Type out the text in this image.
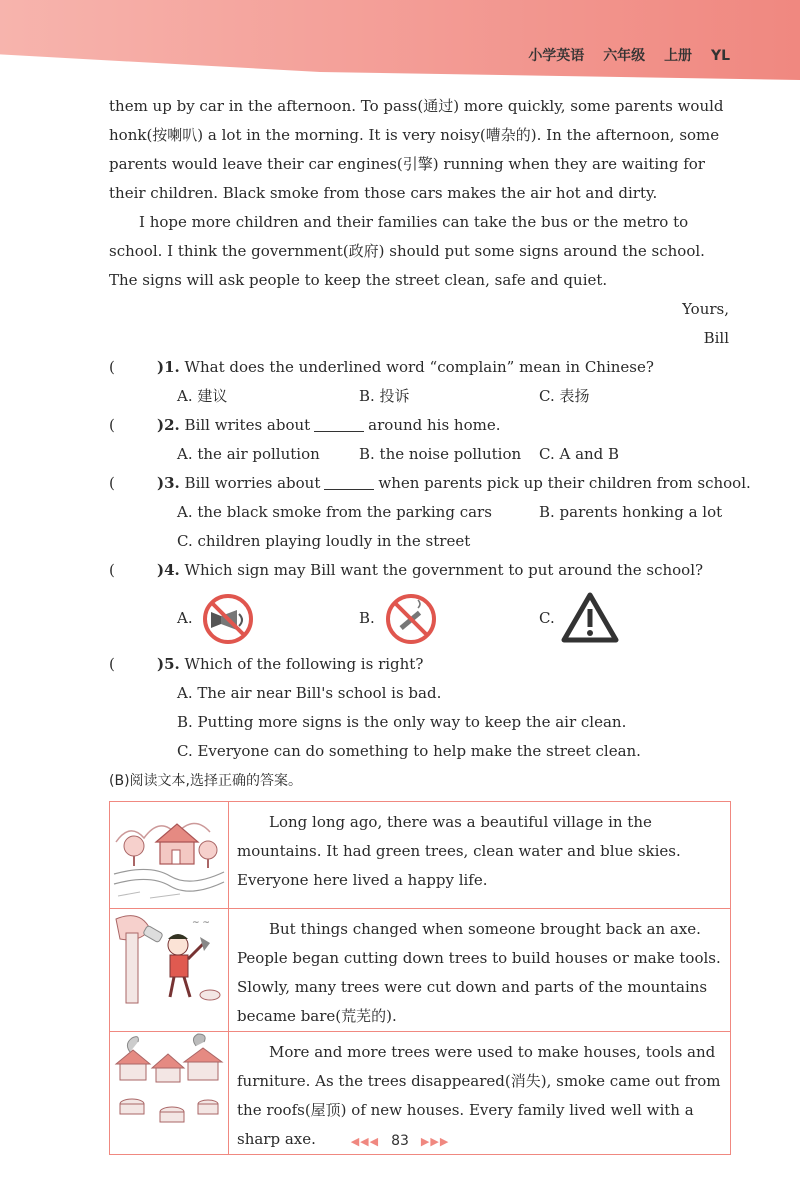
小学英语 六年级 上册 YL

them up by car in the afternoon. To pass(通过) more quickly, some parents would honk(按喇叭) a lot in the morning. It is very noisy(嘈杂的). In the afternoon, some parents would leave their car engines(引擎) running when they are waiting for their children. Black smoke from those cars makes the air hot and dirty.

I hope more children and their families can take the bus or the metro to school. I think the government(政府) should put some signs around the school. The signs will ask people to keep the street clean, safe and quiet.

Yours,

Bill

(	)1. What does the underlined word “complain” mean in Chinese?
A. 建议	B. 投诉	C. 表扬
(	)2. Bill writes about	around his home.
A. the air pollution	B. the noise pollution C. A and B
(	)3. Bill worries about	when parents pick up their children from school.
A. the black smoke from the parking cars	B. parents honking a lot
C. children playing loudly in the street
(	)4. Which sign may Bill want the government to put around the school?
A.	B.	C.
(	)5. Which of the following is right?
A. The air near Bill's school is bad.
B. Putting more signs is the only way to keep the air clean.
C. Everyone can do something to help make the street clean.
(B)阅读文本,选择正确的答案。

Long long ago, there was a beautiful village in the mountains. It had green trees, clean water and blue skies. Everyone here lived a happy life.

~ ~	But things changed when someone brought back an axe. People began cutting down trees to build houses or make tools. Slowly, many trees were cut down and parts of the mountains became bare(荒芜的).

More and more trees were used to make houses, tools and furniture. As the trees disappeared(消失), smoke came out from the roofs(屋顶) of new houses. Every family lived well with a sharp axe.	◀◀◀ 83 ▶▶▶
